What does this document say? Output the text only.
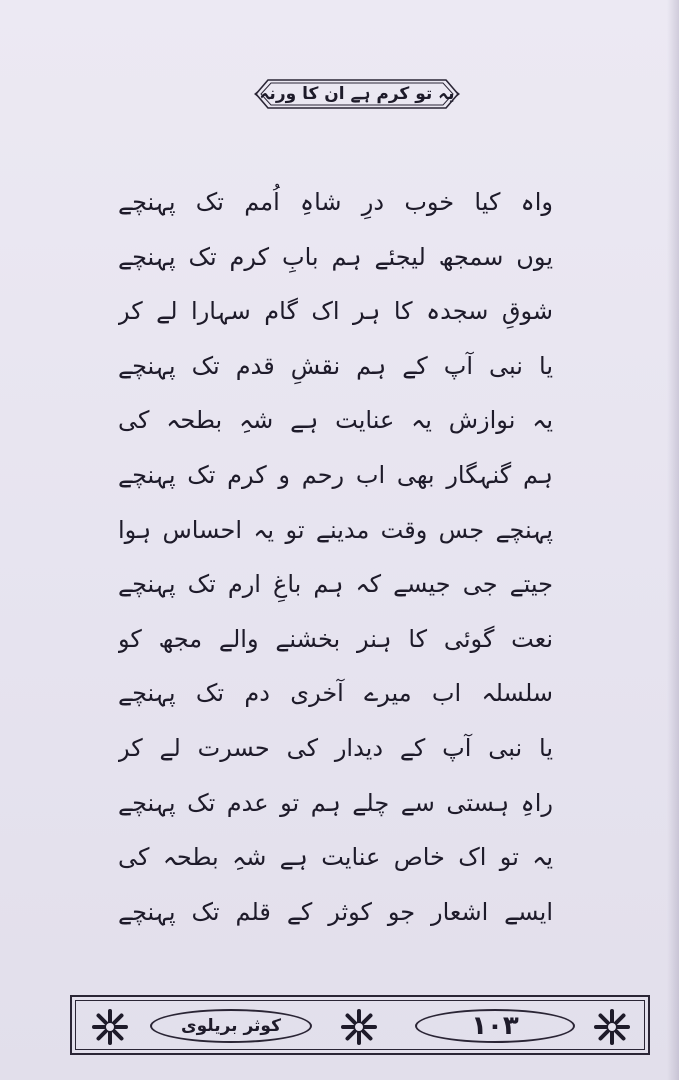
یہ تو کرم ہے ان کا ورنہ
واہ کیا خوب درِ شاہِ اُمم تک پہنچے
یوں سمجھ لیجئے ہم بابِ کرم تک پہنچے
شوقِ سجدہ کا ہر اک گام سہارا لے کر
یا نبی آپ کے ہم نقشِ قدم تک پہنچے
یہ نوازش یہ عنایت ہے شہِ بطحہ کی
ہم گنہگار بھی اب رحم و کرم تک پہنچے
پہنچے جس وقت مدینے تو یہ احساس ہوا
جیتے جی جیسے کہ ہم باغِ ارم تک پہنچے
نعت گوئی کا ہنر بخشنے والے مجھ کو
سلسلہ اب میرے آخری دم تک پہنچے
یا نبی آپ کے دیدار کی حسرت لے کر
راہِ ہستی سے چلے ہم تو عدم تک پہنچے
یہ تو اک خاص عنایت ہے شہِ بطحہ کی
ایسے اشعار جو کوثر کے قلم تک پہنچے
کوثر بریلوی	۱۰۳
